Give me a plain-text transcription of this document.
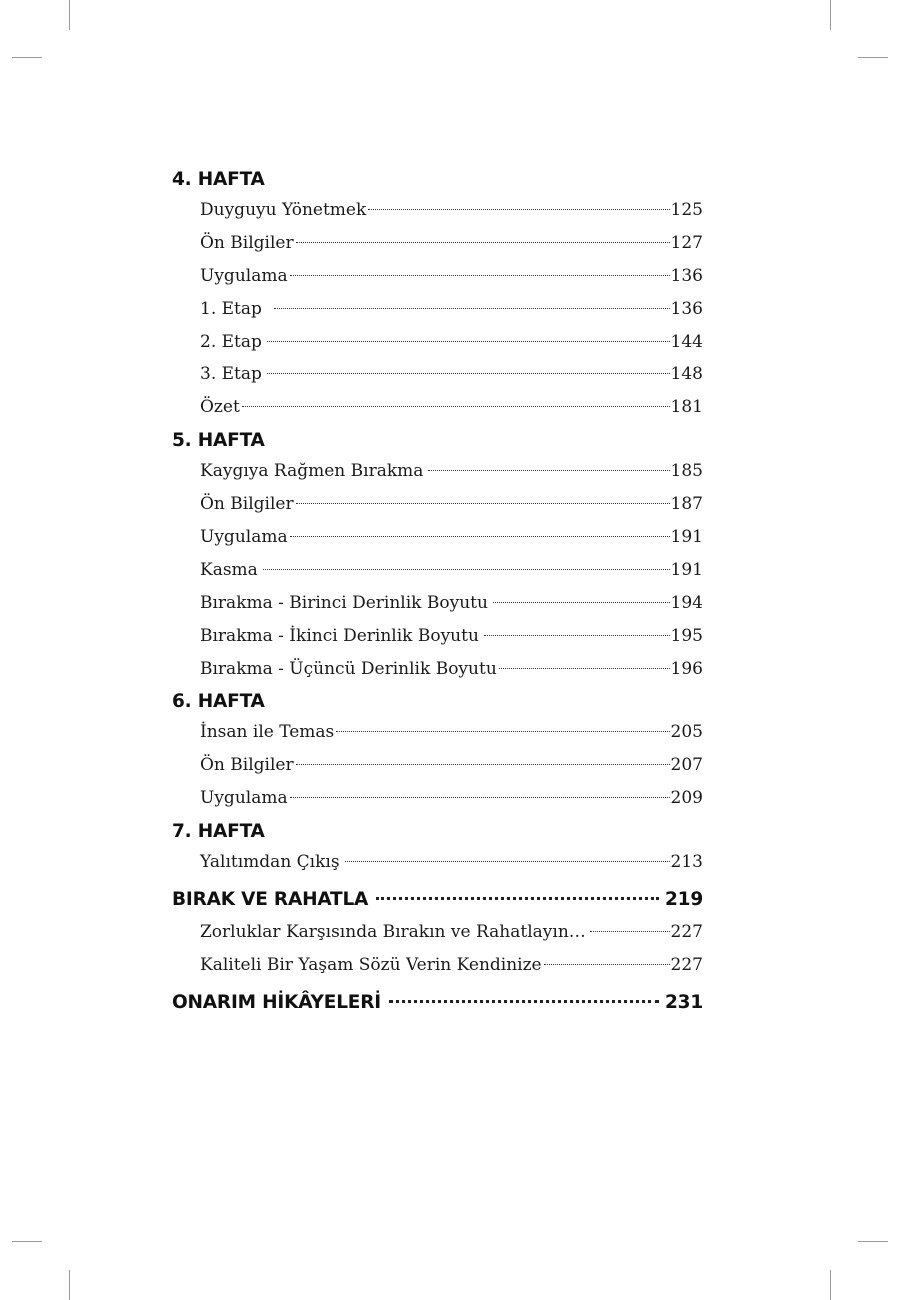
4. HAFTA
Duyguyu Yönetmek	125
Ön Bilgiler	127
Uygulama	136
1. Etap	136
2. Etap	144
3. Etap	148
Özet	181
5. HAFTA
Kaygıya Rağmen Bırakma	185
Ön Bilgiler	187
Uygulama	191
Kasma	191
Bırakma - Birinci Derinlik Boyutu	194
Bırakma - İkinci Derinlik Boyutu	195
Bırakma - Üçüncü Derinlik Boyutu	196
6. HAFTA
İnsan ile Temas	205
Ön Bilgiler	207
Uygulama	209
7. HAFTA
Yalıtımdan Çıkış	213
BIRAK VE RAHATLA	219
Zorluklar Karşısında Bırakın ve Rahatlayın…	227
Kaliteli Bir Yaşam Sözü Verin Kendinize	227
ONARIM HİKÂYELERİ	231
